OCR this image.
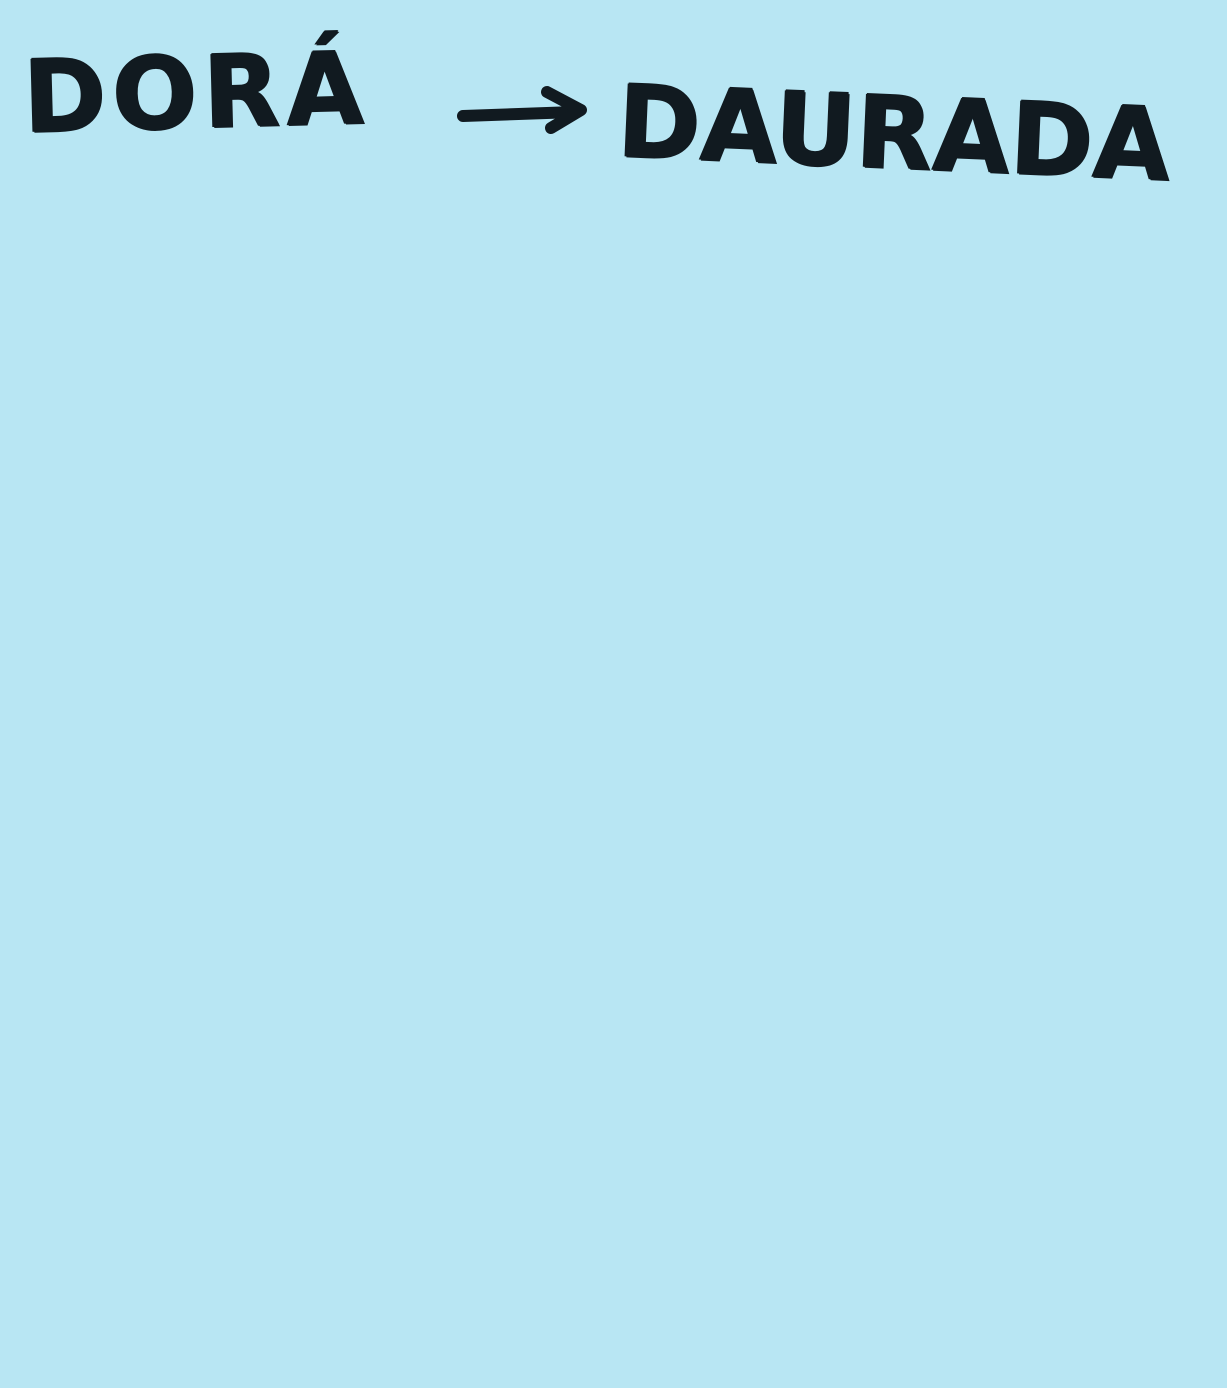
DORÁ DAURADA
